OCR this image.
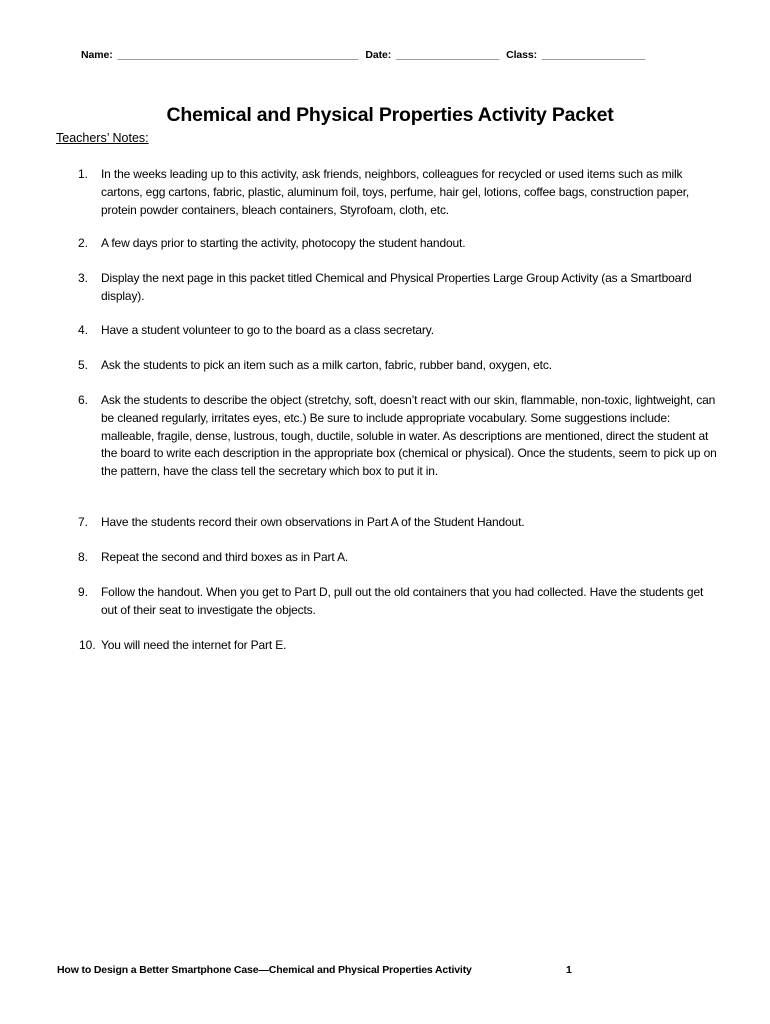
Name: __________________________________________ Date: __________________ Class: __________________
Chemical and Physical Properties Activity Packet
Teachers’ Notes:
1.	In the weeks leading up to this activity, ask friends, neighbors, colleagues for recycled or used items such as milk cartons, egg cartons, fabric, plastic, aluminum foil, toys, perfume, hair gel, lotions, coffee bags, construction paper, protein powder containers, bleach containers, Styrofoam, cloth, etc.
2.	A few days prior to starting the activity, photocopy the student handout.
3.	Display the next page in this packet titled Chemical and Physical Properties Large Group Activity (as a Smartboard display).
4.	Have a student volunteer to go to the board as a class secretary.
5.	Ask the students to pick an item such as a milk carton, fabric, rubber band, oxygen, etc.
6.	Ask the students to describe the object (stretchy, soft, doesn’t react with our skin, flammable, non-toxic, lightweight, can be cleaned regularly, irritates eyes, etc.) Be sure to include appropriate vocabulary. Some suggestions include: malleable, fragile, dense, lustrous, tough, ductile, soluble in water. As descriptions are mentioned, direct the student at the board to write each description in the appropriate box (chemical or physical). Once the students, seem to pick up on the pattern, have the class tell the secretary which box to put it in.
7.	Have the students record their own observations in Part A of the Student Handout.
8.	Repeat the second and third boxes as in Part A.
9.	Follow the handout. When you get to Part D, pull out the old containers that you had collected. Have the students get out of their seat to investigate the objects.
10. You will need the internet for Part E.
How to Design a Better Smartphone Case—Chemical and Physical Properties Activity	1
